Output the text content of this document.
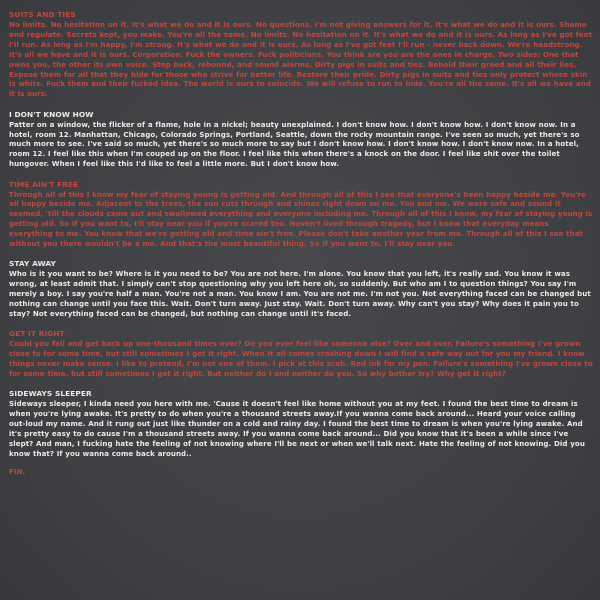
SUITS AND TIES
No limits. No hesitation on it. It's what we do and it is ours. No questions. I'm not giving answers for it. It's what we do and it is ours. Shame and regulate. Secrets kept, you make. You're all the same. No limits. No hesitation on it. It's what we do and it is ours. As long as I've got feet I'll run. As long as I'm happy, I'm strong. It's what we do and it is ours. As long as I've got feet I'll run - never back down. We're headstrong. It's all we have and it is ours. Corporation. Fuck the owners. Fuck politicians. You think are you are the ones in charge. Two sides: One that owns you, the other its own voice. Step back, rebound, and sound alarms. Dirty pigs in suits and ties. Behold their greed and all their lies. Expose them for all that they hide for those who strive for better life. Restore their pride. Dirty pigs in suits and ties only protect whose skin is white. Fuck them and their fucked idea. The world is ours to coincide. We will refuse to run to hide. You're all the same. It's all we have and it is ours.
I DON'T KNOW HOW
Patter on a window, the flicker of a flame, hole in a nickel; beauty unexplained. I don't know how. I don't know how. I don't know now. In a hotel, room 12. Manhattan, Chicago, Colorado Springs, Portland, Seattle, down the rocky mountain range. I've seen so much, yet there's so much more to see. I've said so much, yet there's so much more to say but I don't know how. I don't know how. I don't know now. In a hotel, room 12. I feel like this when I'm couped up on the floor. I feel like this when there's a knock on the door. I feel like shit over the toilet hungover. When I feel like this I'd like to feel a little more. But I don't know how.
TIME AIN'T FREE
Through all of this I know my fear of staying young is getting old. And through all of this I see that everyone's been happy beside me. You're all happy beside me. Adjacent to the trees, the sun cuts through and shines right down on me. You and me. We were safe and sound it seemed, 'till the clouds came out and swallowed everything and everyone including me. Through all of this I know, my fear of staying young is getting old. So if you want to, I'll stay near you if you're scared too. Haven't lived through tragedy, but I know that everyday means everything to me. You know that we're getting old and time ain't free. Please don't take another year from me. Through all of this I see that without you there wouldn't be a me. And that's the most beautiful thing. So if you want to, I'll stay near you.
STAY AWAY
Who is it you want to be? Where is it you need to be? You are not here. I'm alone. You know that you left, it's really sad. You know it was wrong, at least admit that. I simply can't stop questioning why you left here oh, so suddenly. But who am I to question things? You say I'm merely a boy. I say you're half a man. You're not a man. You know I am. You are not me. I'm not you. Not everything faced can be changed but nothing can change until you face this. Wait. Don't turn away. Just stay. Wait. Don't turn away. Why can't you stay? Why does it pain you to stay? Not everything faced can be changed, but nothing can change until it's faced.
GET IT RIGHT
Could you fall and get back up one-thousand times over? Do you ever feel like someone else? Over and over. Failure's something I've grown close to for some time, but still sometimes I get it right. When it all comes crashing down I will find a safe way out for you my friend. I know things never make sense. I like to pretend, I'm not one of them. I pick at this scab. Red ink for my pen. Failure's something I've grown close to for some time, but still sometimes I get it right. But neither do I and neither do you. So why bother try? Why get it right?
SIDEWAYS SLEEPER
Sideways sleeper, I kinda need you here with me. 'Cause it doesn't feel like home without you at my feet. I found the best time to dream is when you're lying awake. It's pretty to do when you're a thousand streets away.If you wanna come back around... Heard your voice calling out-loud my name. And it rung out just like thunder on a cold and rainy day. I found the best time to dream is when you're lying awake. And it's pretty easy to do cause I'm a thousand streets away. If you wanna come back around... Did you know that it's been a while since I've slept? And man, I fucking hate the feeling of not knowing where I'll be next or when we'll talk next. Hate the feeling of not knowing. Did you know that? If you wanna come back around..
FIN.
